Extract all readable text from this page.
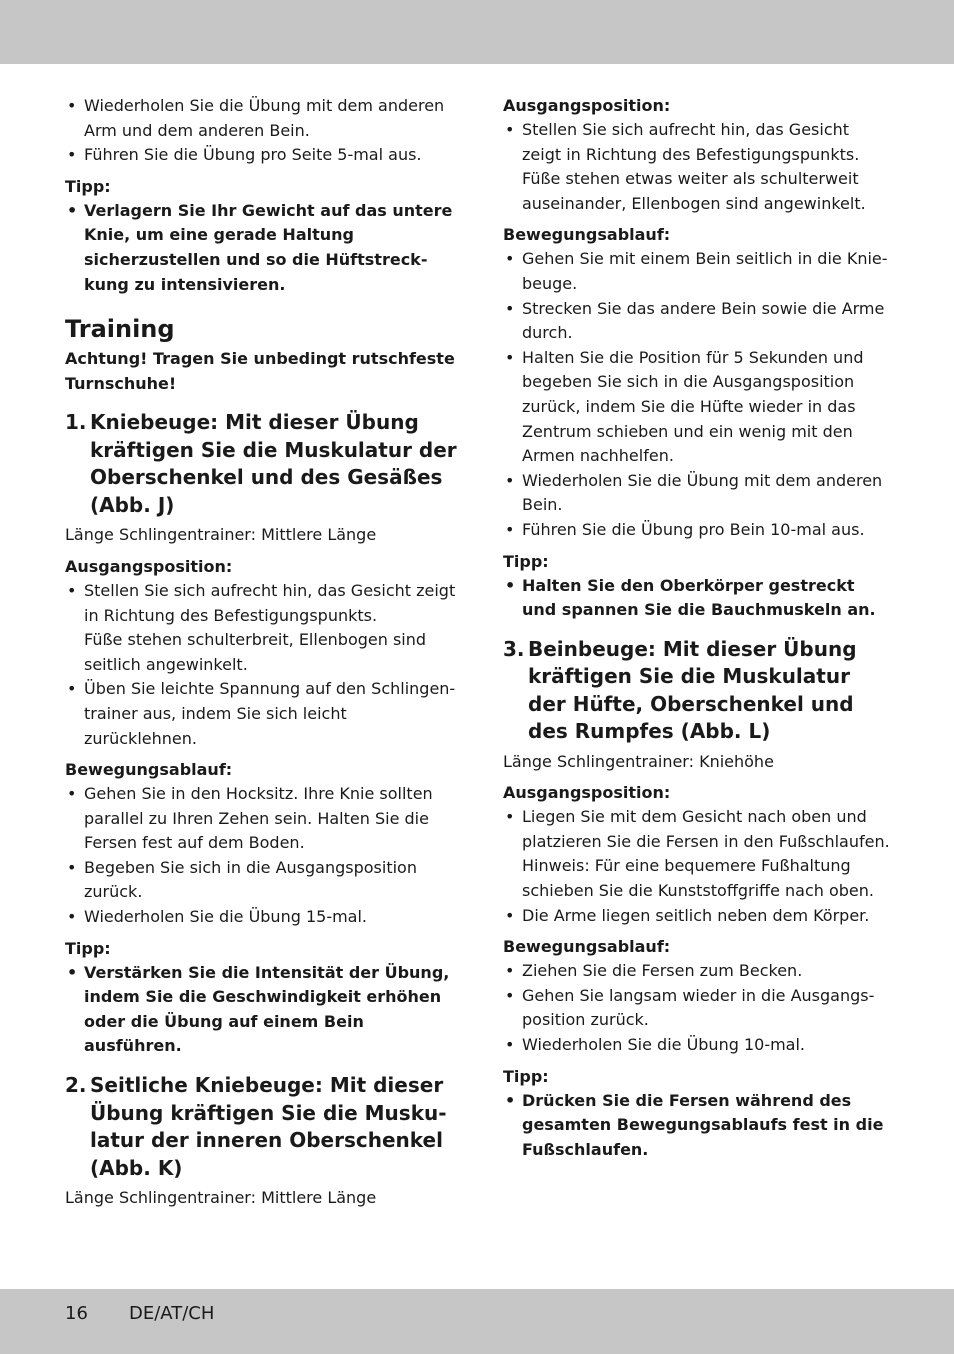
• Wiederholen Sie die Übung mit dem anderen Arm und dem anderen Bein.
• Führen Sie die Übung pro Seite 5-mal aus.
Tipp:
• Verlagern Sie Ihr Gewicht auf das untere Knie, um eine gerade Haltung sicherzustellen und so die Hüftstreckkung zu intensivieren.
Training
Achtung! Tragen Sie unbedingt rutschfeste Turnschuhe!
1. Kniebeuge: Mit dieser Übung kräftigen Sie die Muskulatur der Oberschenkel und des Gesäßes (Abb. J)
Länge Schlingentrainer: Mittlere Länge
Ausgangsposition:
• Stellen Sie sich aufrecht hin, das Gesicht zeigt in Richtung des Befestigungspunkts.
Füße stehen schulterbreit, Ellenbogen sind seitlich angewinkelt.
• Üben Sie leichte Spannung auf den Schlingentrainer aus, indem Sie sich leicht zurücklehnen.
Bewegungsablauf:
• Gehen Sie in den Hocksitz. Ihre Knie sollten parallel zu Ihren Zehen sein. Halten Sie die Fersen fest auf dem Boden.
• Begeben Sie sich in die Ausgangsposition zurück.
• Wiederholen Sie die Übung 15-mal.
Tipp:
• Verstärken Sie die Intensität der Übung, indem Sie die Geschwindigkeit erhöhen oder die Übung auf einem Bein ausführen.
2. Seitliche Kniebeuge: Mit dieser Übung kräftigen Sie die Muskulatur der inneren Oberschenkel (Abb. K)
Länge Schlingentrainer: Mittlere Länge
Ausgangsposition:
• Stellen Sie sich aufrecht hin, das Gesicht zeigt in Richtung des Befestigungspunkts.
Füße stehen etwas weiter als schulterweit auseinander, Ellenbogen sind angewinkelt.
Bewegungsablauf:
• Gehen Sie mit einem Bein seitlich in die Kniebeuge.
• Strecken Sie das andere Bein sowie die Arme durch.
• Halten Sie die Position für 5 Sekunden und begeben Sie sich in die Ausgangsposition zurück, indem Sie die Hüfte wieder in das Zentrum schieben und ein wenig mit den Armen nachhelfen.
• Wiederholen Sie die Übung mit dem anderen Bein.
• Führen Sie die Übung pro Bein 10-mal aus.
Tipp:
• Halten Sie den Oberkörper gestreckt und spannen Sie die Bauchmuskeln an.
3. Beinbeuge: Mit dieser Übung kräftigen Sie die Muskulatur der Hüfte, Oberschenkel und des Rumpfes (Abb. L)
Länge Schlingentrainer: Kniehöhe
Ausgangsposition:
• Liegen Sie mit dem Gesicht nach oben und platzieren Sie die Fersen in den Fußschlaufen.
Hinweis: Für eine bequemere Fußhaltung schieben Sie die Kunststoffgriffe nach oben.
• Die Arme liegen seitlich neben dem Körper.
Bewegungsablauf:
• Ziehen Sie die Fersen zum Becken.
• Gehen Sie langsam wieder in die Ausgangsposition zurück.
• Wiederholen Sie die Übung 10-mal.
Tipp:
• Drücken Sie die Fersen während des gesamten Bewegungsablaufs fest in die Fußschlaufen.
16 DE/AT/CH
